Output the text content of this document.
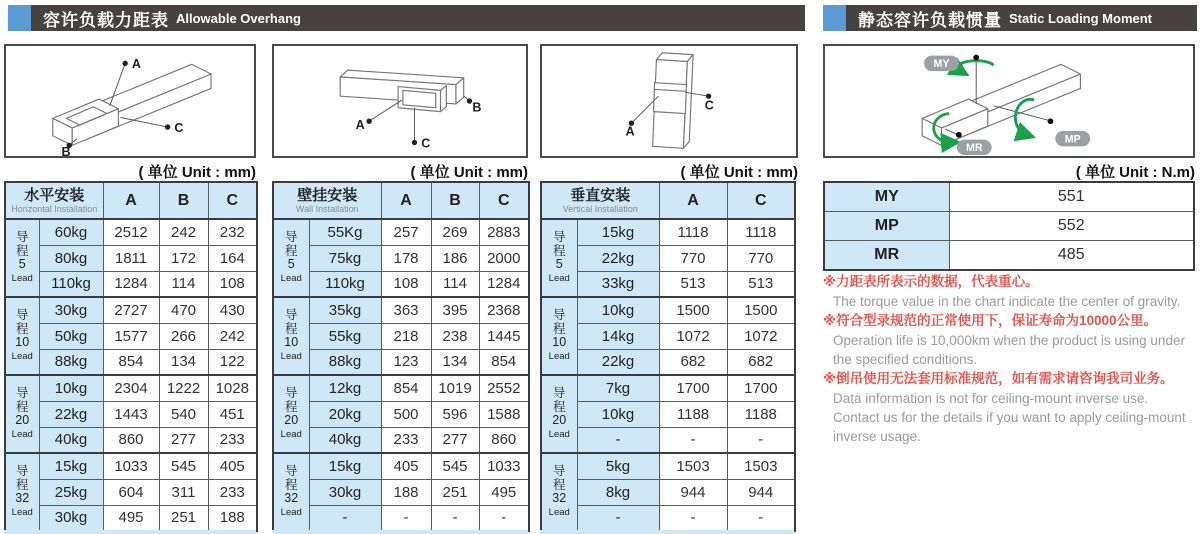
容许负载力距表 Allowable Overhang	静态容许负载惯量 Static Loading Moment
A
B
C	A
B
C
A
C
MY
MP
MR
( 单位 Unit : mm)	( 单位 Unit : mm)	( 单位 Unit : mm)	( 单位 Unit : N.m)
水平安装
Horizontal Installation		A	B	C

导
程
5
Lead	60kg	2512	242	232
	80kg	1811	172	164
	110kg	1284	114	108

导
程
10
Lead	30kg	2727	470	430
	50kg	1577	266	242
	88kg	854	134	122

导
程
20
Lead	10kg	2304	1222	1028
	22kg	1443	540	451
	40kg	860	277	233

导
程
32
Lead	15kg	1033	545	405
	25kg	604	311	233
	30kg	495	251	188
壁挂安装
Wall Installation		A	B	C

导
程
5
Lead	55Kg	257	269	2883
	75kg	178	186	2000
	110kg	108	114	1284

导
程
10
Lead	35kg	363	395	2368
	55kg	218	238	1445
	88kg	123	134	854

导
程
20
Lead	12kg	854	1019	2552
	20kg	500	596	1588
	40kg	233	277	860

导
程
32
Lead	15kg	405	545	1033
	30kg	188	251	495
	-	-	-	-
垂直安装
Vertical Installation		A	C

导
程
5
Lead	15kg	1118	1118
	22kg	770	770
	33kg	513	513

导
程
10
Lead	10kg	1500	1500
	14kg	1072	1072
	22kg	682	682

导
程
20
Lead	7kg	1700	1700
	10kg	1188	1188
	-	-	-

导
程
32
Lead	5kg	1503	1503
	8kg	944	944
	-	-	-
MY	551
MP	552
MR	485
※力距表所表示的数据，代表重心。
The torque value in the chart indicate the center of gravity.
※符合型录规范的正常使用下，保证寿命为10000公里。
Operation life is 10,000km when the product is using under the specified conditions.
※倒吊使用无法套用标准规范，如有需求请咨询我司业务。
Data information is not for ceiling-mount inverse use.
Contact us for the details if you want to apply ceiling-mount inverse usage.
